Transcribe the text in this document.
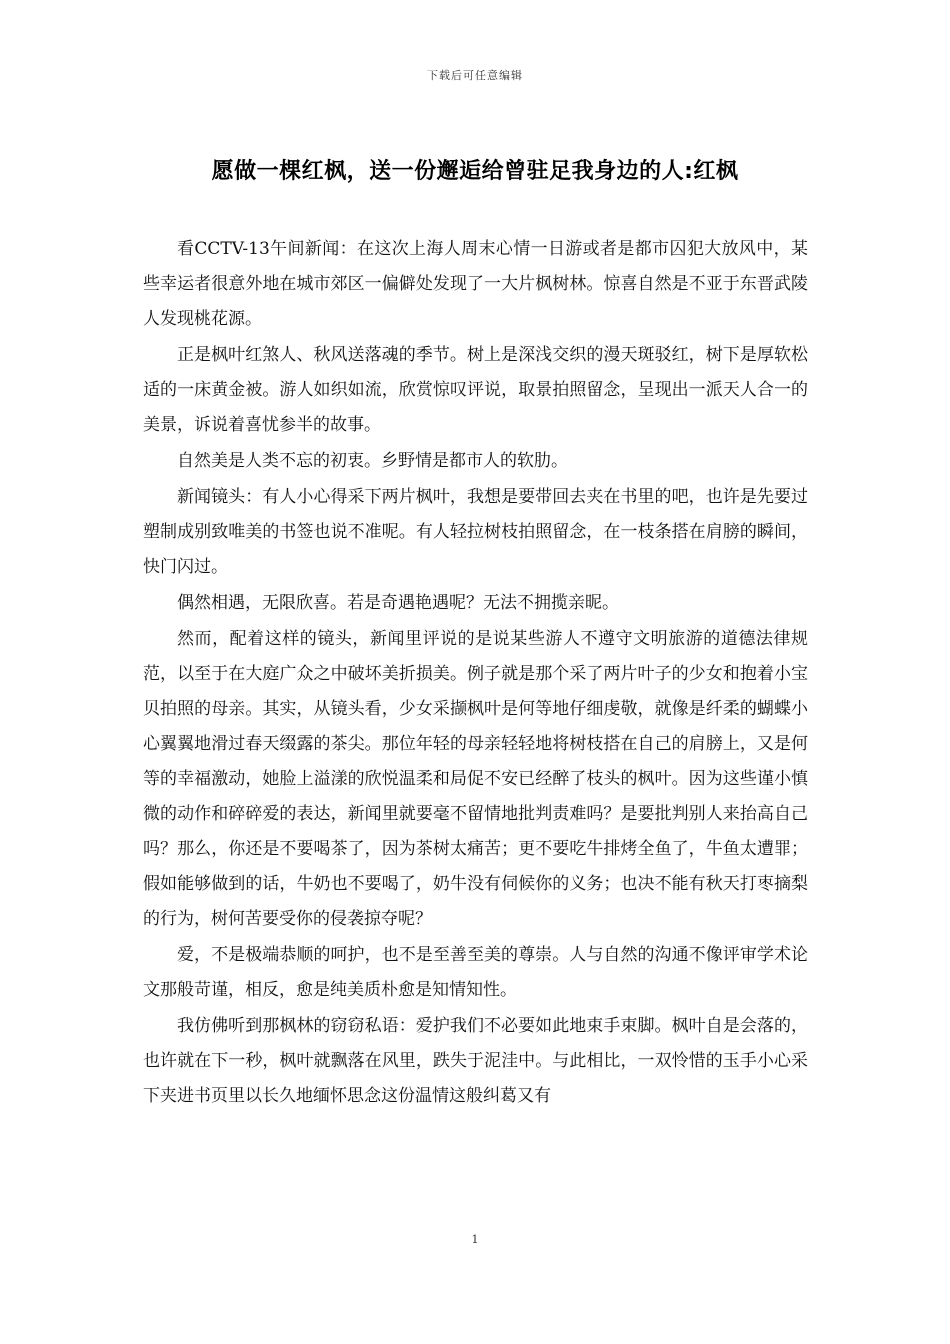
下载后可任意编辑
愿做一棵红枫，送一份邂逅给曾驻足我身边的人:红枫

看CCTV-13午间新闻：在这次上海人周末心情一日游或者是都市囚犯大放风中，某些幸运者很意外地在城市郊区一偏僻处发现了一大片枫树林。惊喜自然是不亚于东晋武陵人发现桃花源。

正是枫叶红煞人、秋风送落魂的季节。树上是深浅交织的漫天斑驳红，树下是厚软松适的一床黄金被。游人如织如流，欣赏惊叹评说，取景拍照留念，呈现出一派天人合一的美景，诉说着喜忧参半的故事。

自然美是人类不忘的初衷。乡野情是都市人的软肋。

新闻镜头：有人小心得采下两片枫叶，我想是要带回去夹在书里的吧，也许是先要过塑制成别致唯美的书签也说不准呢。有人轻拉树枝拍照留念，在一枝条搭在肩膀的瞬间，快门闪过。

偶然相遇，无限欣喜。若是奇遇艳遇呢？无法不拥揽亲昵。

然而，配着这样的镜头，新闻里评说的是说某些游人不遵守文明旅游的道德法律规范，以至于在大庭广众之中破坏美折损美。例子就是那个采了两片叶子的少女和抱着小宝贝拍照的母亲。其实，从镜头看，少女采撷枫叶是何等地仔细虔敬，就像是纤柔的蝴蝶小心翼翼地滑过春天缀露的茶尖。那位年轻的母亲轻轻地将树枝搭在自己的肩膀上，又是何等的幸福激动，她脸上溢漾的欣悦温柔和局促不安已经醉了枝头的枫叶。因为这些谨小慎微的动作和碎碎爱的表达，新闻里就要毫不留情地批判责难吗？是要批判别人来抬高自己吗？那么，你还是不要喝茶了，因为茶树太痛苦；更不要吃牛排烤全鱼了，牛鱼太遭罪；假如能够做到的话，牛奶也不要喝了，奶牛没有伺候你的义务；也决不能有秋天打枣摘梨的行为，树何苦要受你的侵袭掠夺呢？

爱，不是极端恭顺的呵护，也不是至善至美的尊崇。人与自然的沟通不像评审学术论文那般苛谨，相反，愈是纯美质朴愈是知情知性。

我仿佛听到那枫林的窃窃私语：爱护我们不必要如此地束手束脚。枫叶自是会落的，也许就在下一秒，枫叶就飘落在风里，跌失于泥洼中。与此相比，一双怜惜的玉手小心采下夹进书页里以长久地缅怀思念这份温情这般纠葛又有

1
